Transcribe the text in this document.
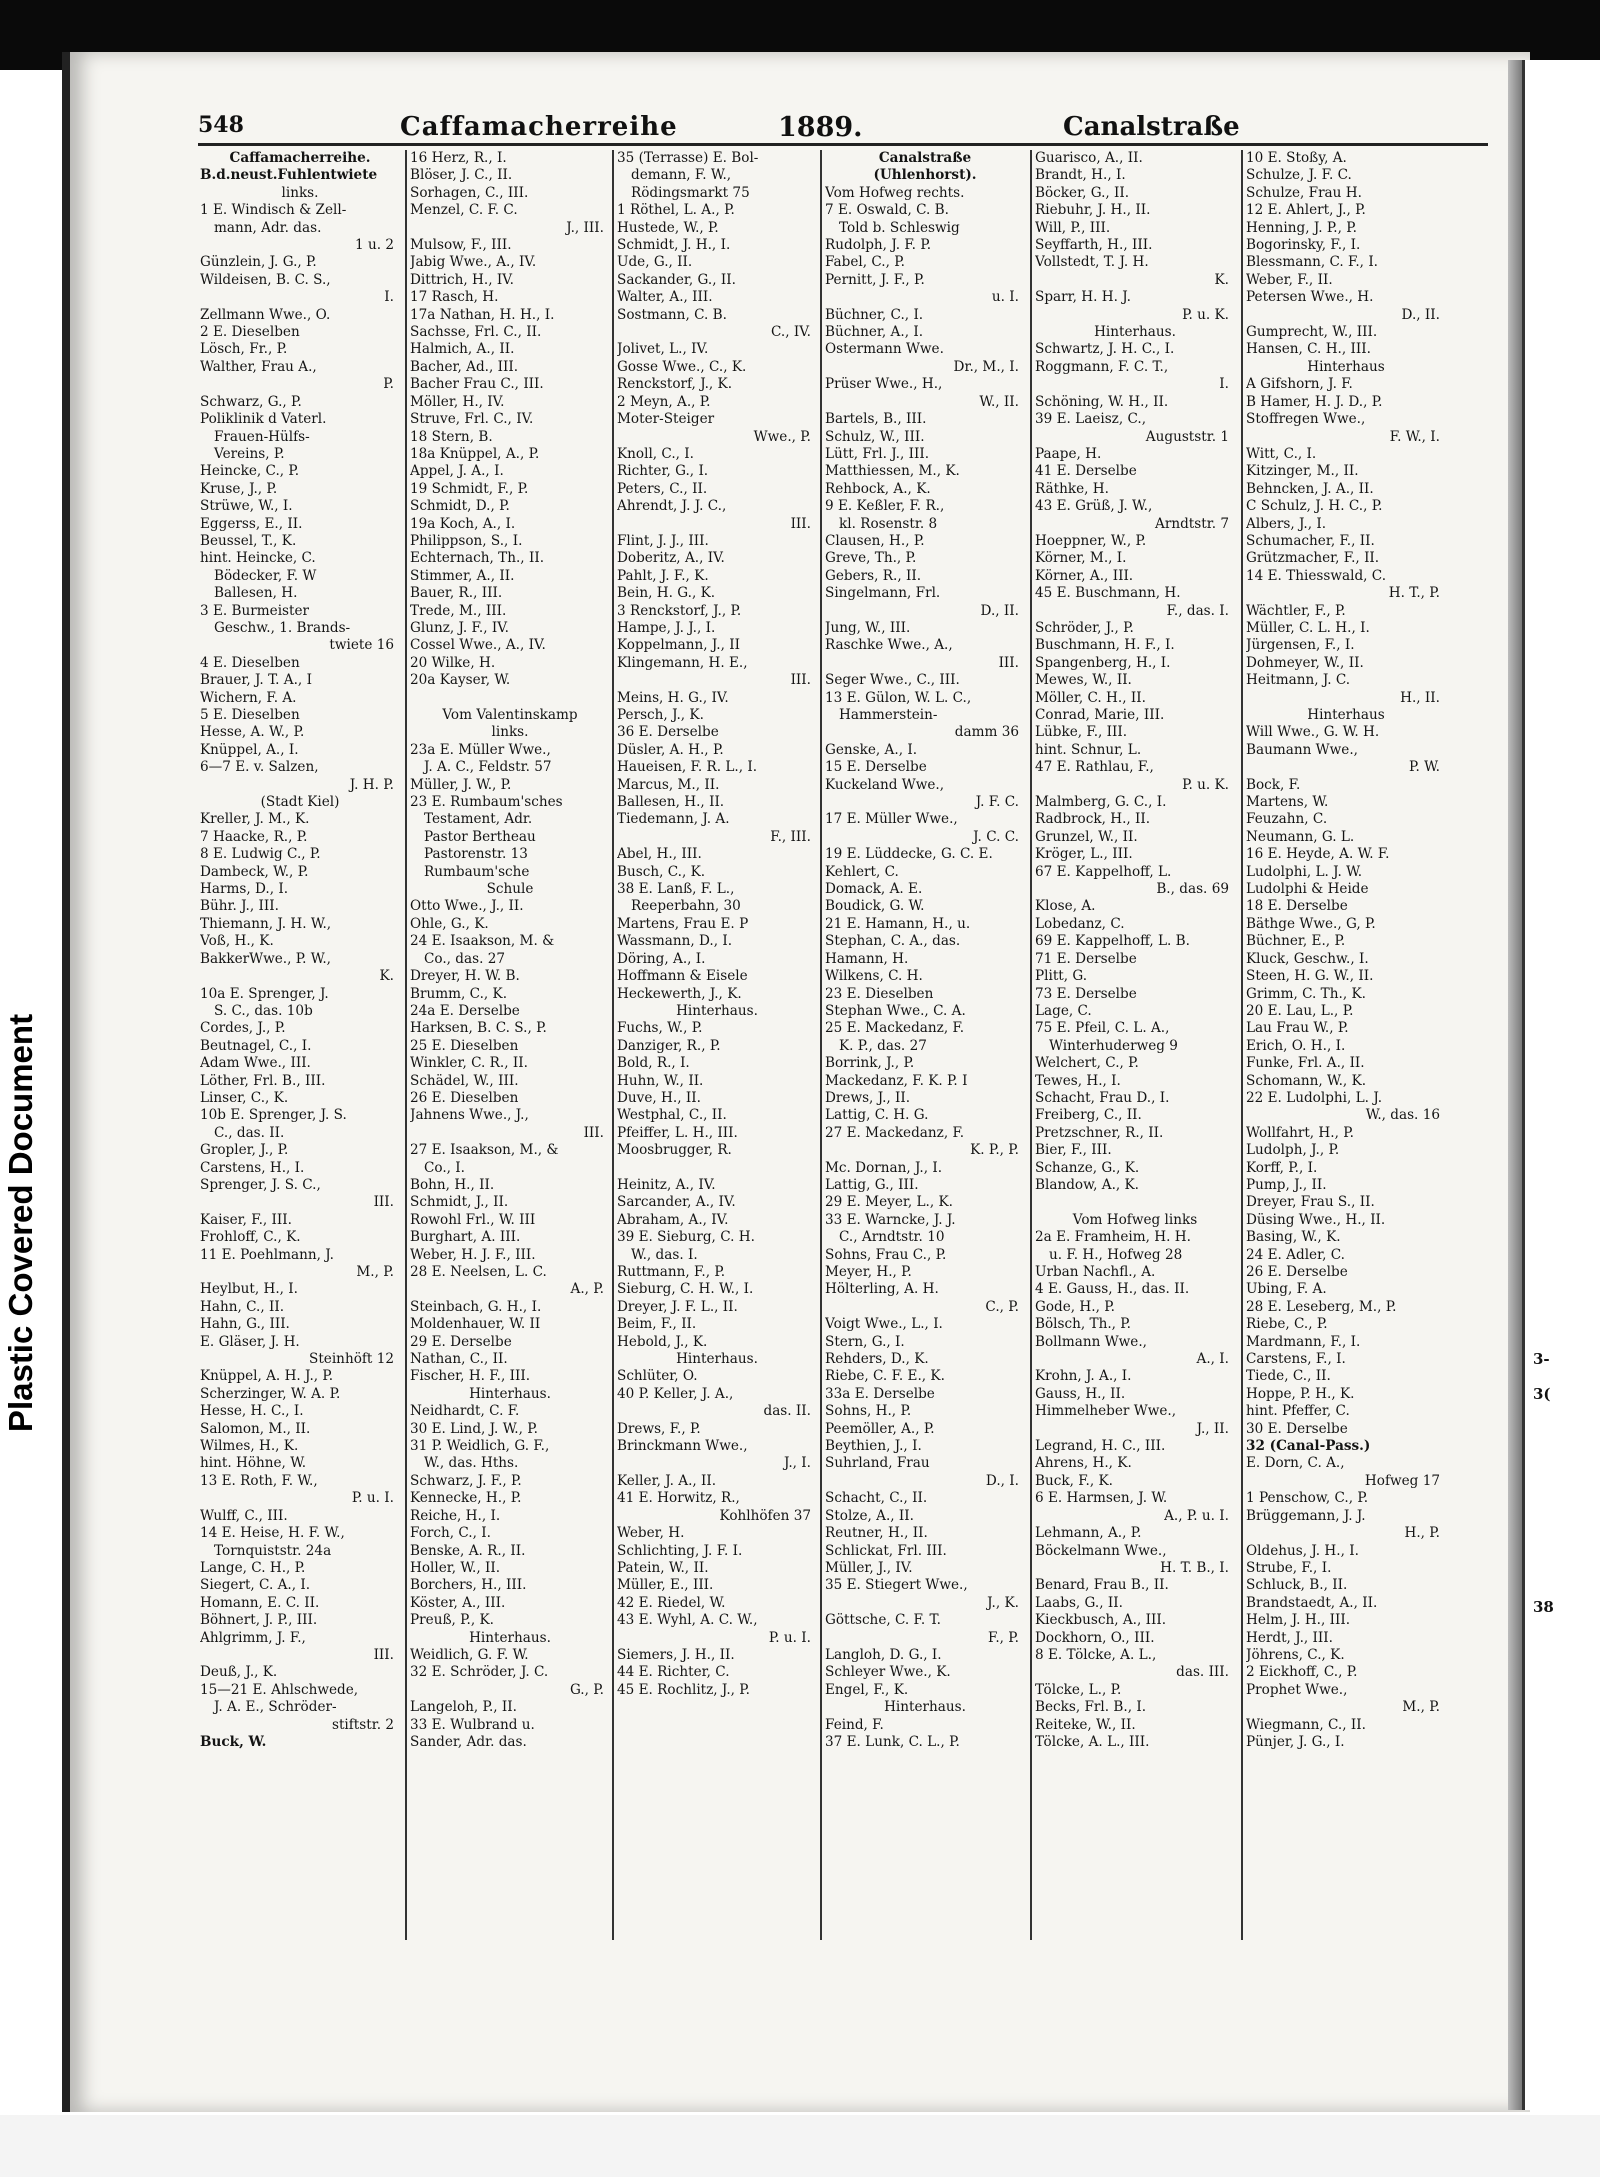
3-
3(
38
Plastic Covered Document
548	Caffamacherreihe	1889.	Canalstraße
Caffamacherreihe.
B.d.neust.Fuhlentwiete
links.
1 E. Windisch & Zell-
mann, Adr. das.
1 u. 2
Günzlein, J. G., P.
Wildeisen, B. C. S.,
I.
Zellmann Wwe., O.
2 E. Dieselben
Lösch, Fr., P.
Walther, Frau A.,
P.
Schwarz, G., P.
Poliklinik d Vaterl.
Frauen-Hülfs-
Vereins, P.
Heincke, C., P.
Kruse, J., P.
Strüwe, W., I.
Eggerss, E., II.
Beussel, T., K.
hint. Heincke, C.
Bödecker, F. W
Ballesen, H.
3 E. Burmeister
Geschw., 1. Brands-
twiete 16
4 E. Dieselben
Brauer, J. T. A., I
Wichern, F. A.
5 E. Dieselben
Hesse, A. W., P.
Knüppel, A., I.
6—7 E. v. Salzen,
J. H. P.
(Stadt Kiel)
Kreller, J. M., K.
7 Haacke, R., P.
8 E. Ludwig C., P.
Dambeck, W., P.
Harms, D., I.
Bühr. J., III.
Thiemann, J. H. W.,
Voß, H., K.
BakkerWwe., P. W.,
K.
10a E. Sprenger, J.
S. C., das. 10b
Cordes, J., P.
Beutnagel, C., I.
Adam Wwe., III.
Löther, Frl. B., III.
Linser, C., K.
10b E. Sprenger, J. S.
C., das. II.
Gropler, J., P.
Carstens, H., I.
Sprenger, J. S. C.,
III.
Kaiser, F., III.
Frohloff, C., K.
11 E. Poehlmann, J.
M., P.
Heylbut, H., I.
Hahn, C., II.
Hahn, G., III.
E. Gläser, J. H.
Steinhöft 12
Knüppel, A. H. J., P.
Scherzinger, W. A. P.
Hesse, H. C., I.
Salomon, M., II.
Wilmes, H., K.
hint. Höhne, W.
13 E. Roth, F. W.,
P. u. I.
Wulff, C., III.
14 E. Heise, H. F. W.,
Tornquiststr. 24a
Lange, C. H., P.
Siegert, C. A., I.
Homann, E. C. II.
Böhnert, J. P., III.
Ahlgrimm, J. F.,
III.
Deuß, J., K.
15—21 E. Ahlschwede,
J. A. E., Schröder-
stiftstr. 2
Buck, W.
16 Herz, R., I.
Blöser, J. C., II.
Sorhagen, C., III.
Menzel, C. F. C.
J., III.
Mulsow, F., III.
Jabig Wwe., A., IV.
Dittrich, H., IV.
17 Rasch, H.
17a Nathan, H. H., I.
Sachsse, Frl. C., II.
Halmich, A., II.
Bacher, Ad., III.
Bacher Frau C., III.
Möller, H., IV.
Struve, Frl. C., IV.
18 Stern, B.
18a Knüppel, A., P.
Appel, J. A., I.
19 Schmidt, F., P.
Schmidt, D., P.
19a Koch, A., I.
Philippson, S., I.
Echternach, Th., II.
Stimmer, A., II.
Bauer, R., III.
Trede, M., III.
Glunz, J. F., IV.
Cossel Wwe., A., IV.
20 Wilke, H.
20a Kayser, W.

Vom Valentinskamp
links.
23a E. Müller Wwe.,
J. A. C., Feldstr. 57
Müller, J. W., P.
23 E. Rumbaum'sches
Testament, Adr.
Pastor Bertheau
Pastorenstr. 13
Rumbaum'sche
Schule
Otto Wwe., J., II.
Ohle, G., K.
24 E. Isaakson, M. &
Co., das. 27
Dreyer, H. W. B.
Brumm, C., K.
24a E. Derselbe
Harksen, B. C. S., P.
25 E. Dieselben
Winkler, C. R., II.
Schädel, W., III.
26 E. Dieselben
Jahnens Wwe., J.,
III.
27 E. Isaakson, M., &
Co., I.
Bohn, H., II.
Schmidt, J., II.
Rowohl Frl., W. III
Burghart, A. III.
Weber, H. J. F., III.
28 E. Neelsen, L. C.
A., P.
Steinbach, G. H., I.
Moldenhauer, W. II
29 E. Derselbe
Nathan, C., II.
Fischer, H. F., III.
Hinterhaus.
Neidhardt, C. F.
30 E. Lind, J. W., P.
31 P. Weidlich, G. F.,
W., das. Hths.
Schwarz, J. F., P.
Kennecke, H., P.
Reiche, H., I.
Forch, C., I.
Benske, A. R., II.
Holler, W., II.
Borchers, H., III.
Köster, A., III.
Preuß, P., K.
Hinterhaus.
Weidlich, G. F. W.
32 E. Schröder, J. C.
G., P.
Langeloh, P., II.
33 E. Wulbrand u.
Sander, Adr. das.
35 (Terrasse) E. Bol-
demann, F. W.,
Rödingsmarkt 75
1 Röthel, L. A., P.
Hustede, W., P.
Schmidt, J. H., I.
Ude, G., II.
Sackander, G., II.
Walter, A., III.
Sostmann, C. B.
C., IV.
Jolivet, L., IV.
Gosse Wwe., C., K.
Renckstorf, J., K.
2 Meyn, A., P.
Moter-Steiger
Wwe., P.
Knoll, C., I.
Richter, G., I.
Peters, C., II.
Ahrendt, J. J. C.,
III.
Flint, J. J., III.
Doberitz, A., IV.
Pahlt, J. F., K.
Bein, H. G., K.
3 Renckstorf, J., P.
Hampe, J. J., I.
Koppelmann, J., II
Klingemann, H. E.,
III.
Meins, H. G., IV.
Persch, J., K.
36 E. Derselbe
Düsler, A. H., P.
Haueisen, F. R. L., I.
Marcus, M., II.
Ballesen, H., II.
Tiedemann, J. A.
F., III.
Abel, H., III.
Busch, C., K.
38 E. Lanß, F. L.,
Reeperbahn, 30
Martens, Frau E. P
Wassmann, D., I.
Döring, A., I.
Hoffmann & Eisele
Heckewerth, J., K.
Hinterhaus.
Fuchs, W., P.
Danziger, R., P.
Bold, R., I.
Huhn, W., II.
Duve, H., II.
Westphal, C., II.
Pfeiffer, L. H., III.
Moosbrugger, R.

Heinitz, A., IV.
Sarcander, A., IV.
Abraham, A., IV.
39 E. Sieburg, C. H.
W., das. I.
Ruttmann, F., P.
Sieburg, C. H. W., I.
Dreyer, J. F. L., II.
Beim, F., II.
Hebold, J., K.
Hinterhaus.
Schlüter, O.
40 P. Keller, J. A.,
das. II.
Drews, F., P.
Brinckmann Wwe.,
J., I.
Keller, J. A., II.
41 E. Horwitz, R.,
Kohlhöfen 37
Weber, H.
Schlichting, J. F. I.
Patein, W., II.
Müller, E., III.
42 E. Riedel, W.
43 E. Wyhl, A. C. W.,
P. u. I.
Siemers, J. H., II.
44 E. Richter, C.
45 E. Rochlitz, J., P.
Canalstraße
(Uhlenhorst).
Vom Hofweg rechts.
7 E. Oswald, C. B.
Told b. Schleswig
Rudolph, J. F. P.
Fabel, C., P.
Pernitt, J. F., P.
u. I.
Büchner, C., I.
Büchner, A., I.
Ostermann Wwe.
Dr., M., I.
Prüser Wwe., H.,
W., II.
Bartels, B., III.
Schulz, W., III.
Lütt, Frl. J., III.
Matthiessen, M., K.
Rehbock, A., K.
9 E. Keßler, F. R.,
kl. Rosenstr. 8
Clausen, H., P.
Greve, Th., P.
Gebers, R., II.
Singelmann, Frl.
D., II.
Jung, W., III.
Raschke Wwe., A.,
III.
Seger Wwe., C., III.
13 E. Gülon, W. L. C.,
Hammerstein-
damm 36
Genske, A., I.
15 E. Derselbe
Kuckeland Wwe.,
J. F. C.
17 E. Müller Wwe.,
J. C. C.
19 E. Lüddecke, G. C. E.
Kehlert, C.
Domack, A. E.
Boudick, G. W.
21 E. Hamann, H., u.
Stephan, C. A., das.
Hamann, H.
Wilkens, C. H.
23 E. Dieselben
Stephan Wwe., C. A.
25 E. Mackedanz, F.
K. P., das. 27
Borrink, J., P.
Mackedanz, F. K. P. I
Drews, J., II.
Lattig, C. H. G.
27 E. Mackedanz, F.
K. P., P.
Mc. Dornan, J., I.
Lattig, G., III.
29 E. Meyer, L., K.
33 E. Warncke, J. J.
C., Arndtstr. 10
Sohns, Frau C., P.
Meyer, H., P.
Hölterling, A. H.
C., P.
Voigt Wwe., L., I.
Stern, G., I.
Rehders, D., K.
Riebe, C. F. E., K.
33a E. Derselbe
Sohns, H., P.
Peemöller, A., P.
Beythien, J., I.
Suhrland, Frau
D., I.
Schacht, C., II.
Stolze, A., II.
Reutner, H., II.
Schlickat, Frl. III.
Müller, J., IV.
35 E. Stiegert Wwe.,
J., K.
Göttsche, C. F. T.
F., P.
Langloh, D. G., I.
Schleyer Wwe., K.
Engel, F., K.
Hinterhaus.
Feind, F.
37 E. Lunk, C. L., P.
Guarisco, A., II.
Brandt, H., I.
Böcker, G., II.
Riebuhr, J. H., II.
Will, P., III.
Seyffarth, H., III.
Vollstedt, T. J. H.
K.
Sparr, H. H. J.
P. u. K.
Hinterhaus.
Schwartz, J. H. C., I.
Roggmann, F. C. T.,
I.
Schöning, W. H., II.
39 E. Laeisz, C.,
Auguststr. 1
Paape, H.
41 E. Derselbe
Räthke, H.
43 E. Grüß, J. W.,
Arndtstr. 7
Hoeppner, W., P.
Körner, M., I.
Körner, A., III.
45 E. Buschmann, H.
F., das. I.
Schröder, J., P.
Buschmann, H. F., I.
Spangenberg, H., I.
Mewes, W., II.
Möller, C. H., II.
Conrad, Marie, III.
Lübke, F., III.
hint. Schnur, L.
47 E. Rathlau, F.,
P. u. K.
Malmberg, G. C., I.
Radbrock, H., II.
Grunzel, W., II.
Kröger, L., III.
67 E. Kappelhoff, L.
B., das. 69
Klose, A.
Lobedanz, C.
69 E. Kappelhoff, L. B.
71 E. Derselbe
Plitt, G.
73 E. Derselbe
Lage, C.
75 E. Pfeil, C. L. A.,
Winterhuderweg 9
Welchert, C., P.
Tewes, H., I.
Schacht, Frau D., I.
Freiberg, C., II.
Pretzschner, R., II.
Bier, F., III.
Schanze, G., K.
Blandow, A., K.

Vom Hofweg links
2a E. Framheim, H. H.
u. F. H., Hofweg 28
Urban Nachfl., A.
4 E. Gauss, H., das. II.
Gode, H., P.
Bölsch, Th., P.
Bollmann Wwe.,
A., I.
Krohn, J. A., I.
Gauss, H., II.
Himmelheber Wwe.,
J., II.
Legrand, H. C., III.
Ahrens, H., K.
Buck, F., K.
6 E. Harmsen, J. W.
A., P. u. I.
Lehmann, A., P.
Böckelmann Wwe.,
H. T. B., I.
Benard, Frau B., II.
Laabs, G., II.
Kieckbusch, A., III.
Dockhorn, O., III.
8 E. Tölcke, A. L.,
das. III.
Tölcke, L., P.
Becks, Frl. B., I.
Reiteke, W., II.
Tölcke, A. L., III.
10 E. Stoßy, A.
Schulze, J. F. C.
Schulze, Frau H.
12 E. Ahlert, J., P.
Henning, J. P., P.
Bogorinsky, F., I.
Blessmann, C. F., I.
Weber, F., II.
Petersen Wwe., H.
D., II.
Gumprecht, W., III.
Hansen, C. H., III.
Hinterhaus
A Gifshorn, J. F.
B Hamer, H. J. D., P.
Stoffregen Wwe.,
F. W., I.
Witt, C., I.
Kitzinger, M., II.
Behncken, J. A., II.
C Schulz, J. H. C., P.
Albers, J., I.
Schumacher, F., II.
Grützmacher, F., II.
14 E. Thiesswald, C.
H. T., P.
Wächtler, F., P.
Müller, C. L. H., I.
Jürgensen, F., I.
Dohmeyer, W., II.
Heitmann, J. C.
H., II.
Hinterhaus
Will Wwe., G. W. H.
Baumann Wwe.,
P. W.
Bock, F.
Martens, W.
Feuzahn, C.
Neumann, G. L.
16 E. Heyde, A. W. F.
Ludolphi, L. J. W.
Ludolphi & Heide
18 E. Derselbe
Bäthge Wwe., G, P.
Büchner, E., P.
Kluck, Geschw., I.
Steen, H. G. W., II.
Grimm, C. Th., K.
20 E. Lau, L., P.
Lau Frau W., P.
Erich, O. H., I.
Funke, Frl. A., II.
Schomann, W., K.
22 E. Ludolphi, L. J.
W., das. 16
Wollfahrt, H., P.
Ludolph, J., P.
Korff, P., I.
Pump, J., II.
Dreyer, Frau S., II.
Düsing Wwe., H., II.
Basing, W., K.
24 E. Adler, C.
26 E. Derselbe
Ubing, F. A.
28 E. Leseberg, M., P.
Riebe, C., P.
Mardmann, F., I.
Carstens, F., I.
Tiede, C., II.
Hoppe, P. H., K.
hint. Pfeffer, C.
30 E. Derselbe
32 (Canal-Pass.)
E. Dorn, C. A.,
Hofweg 17
1 Penschow, C., P.
Brüggemann, J. J.
H., P.
Oldehus, J. H., I.
Strube, F., I.
Schluck, B., II.
Brandstaedt, A., II.
Helm, J. H., III.
Herdt, J., III.
Jöhrens, C., K.
2 Eickhoff, C., P.
Prophet Wwe.,
M., P.
Wiegmann, C., II.
Pünjer, J. G., I.
